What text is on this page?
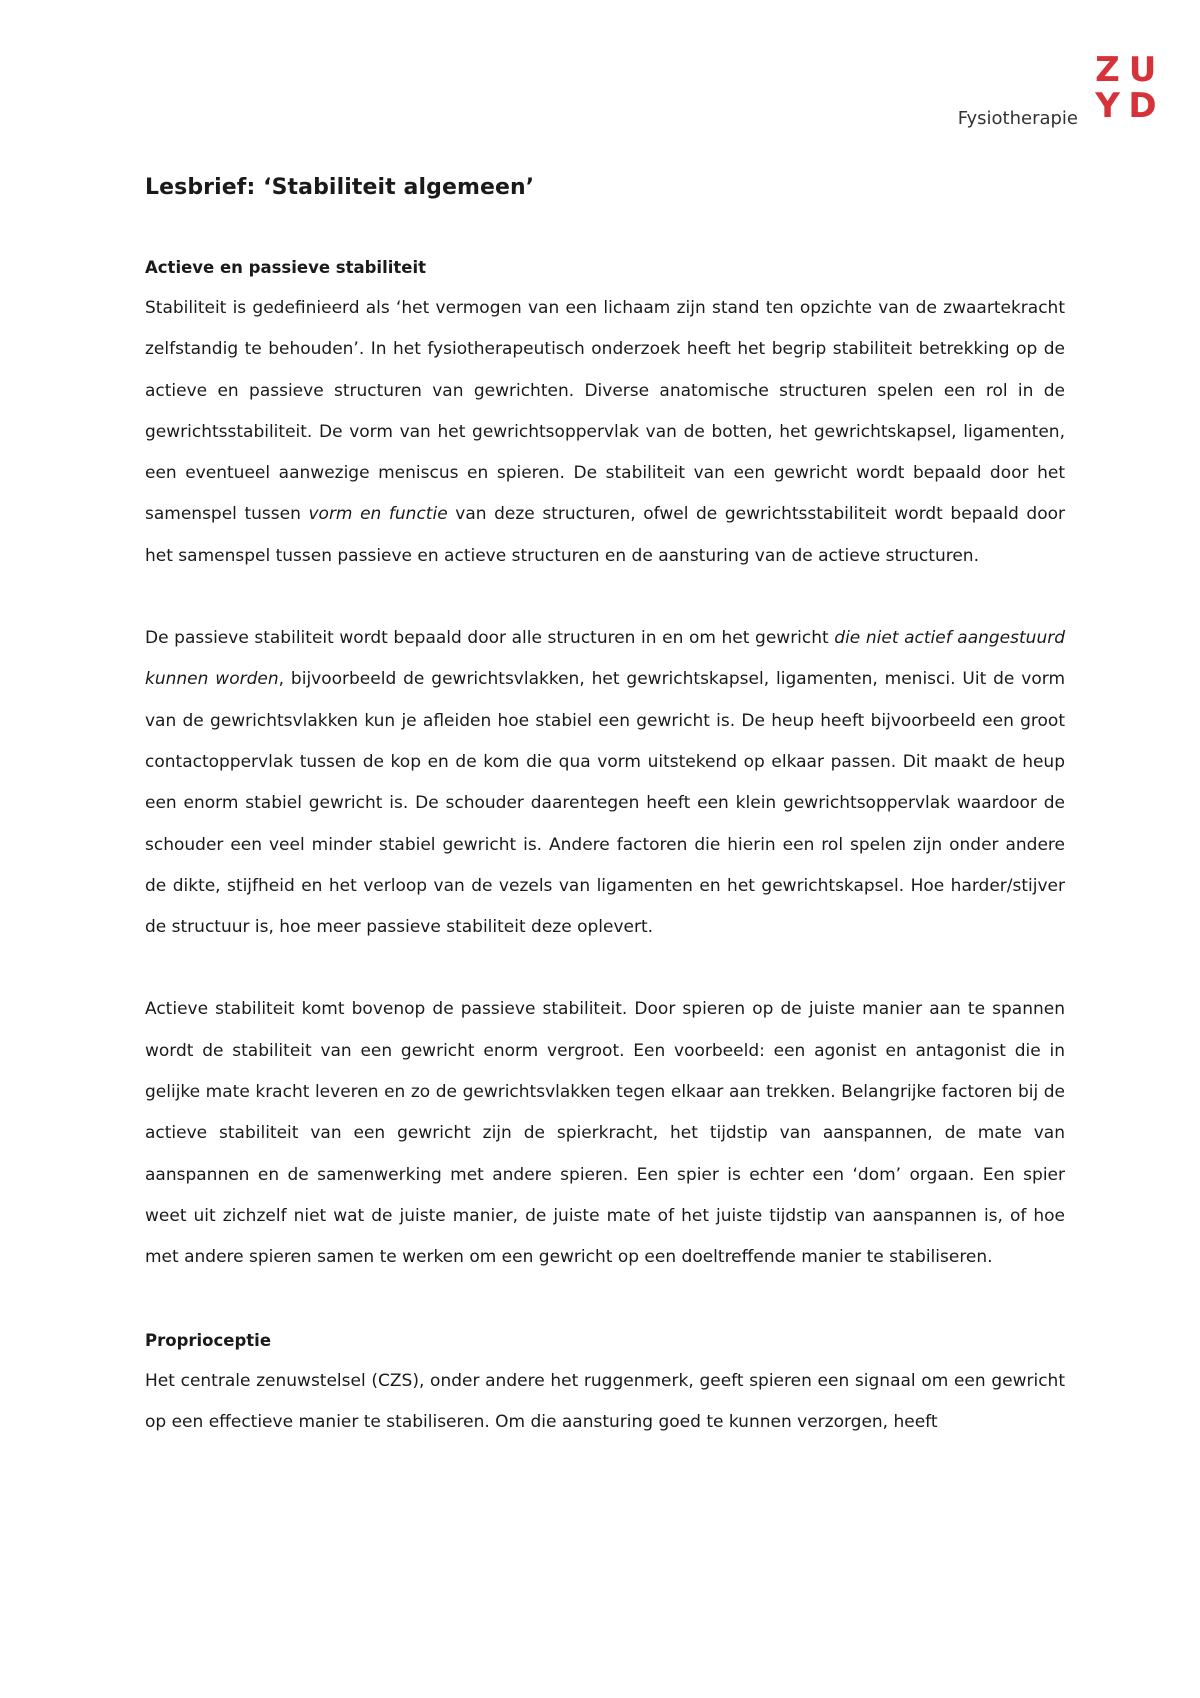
Fysiotherapie
Z U
Y D
Lesbrief: ‘Stabiliteit algemeen’
Actieve en passieve stabiliteit

Stabiliteit is gedefinieerd als ‘het vermogen van een lichaam zijn stand ten opzichte van de zwaartekracht zelfstandig te behouden’. In het fysiotherapeutisch onderzoek heeft het begrip stabiliteit betrekking op de actieve en passieve structuren van gewrichten. Diverse anatomische structuren spelen een rol in de gewrichtsstabiliteit. De vorm van het gewrichtsoppervlak van de botten, het gewrichtskapsel, ligamenten, een eventueel aanwezige meniscus en spieren. De stabiliteit van een gewricht wordt bepaald door het samenspel tussen vorm en functie van deze structuren, ofwel de gewrichtsstabiliteit wordt bepaald door het samenspel tussen passieve en actieve structuren en de aansturing van de actieve structuren.

De passieve stabiliteit wordt bepaald door alle structuren in en om het gewricht die niet actief aangestuurd kunnen worden, bijvoorbeeld de gewrichtsvlakken, het gewrichtskapsel, ligamenten, menisci. Uit de vorm van de gewrichtsvlakken kun je afleiden hoe stabiel een gewricht is. De heup heeft bijvoorbeeld een groot contactoppervlak tussen de kop en de kom die qua vorm uitstekend op elkaar passen. Dit maakt de heup een enorm stabiel gewricht is. De schouder daarentegen heeft een klein gewrichtsoppervlak waardoor de schouder een veel minder stabiel gewricht is. Andere factoren die hierin een rol spelen zijn onder andere de dikte, stijfheid en het verloop van de vezels van ligamenten en het gewrichtskapsel. Hoe harder/stijver de structuur is, hoe meer passieve stabiliteit deze oplevert.

Actieve stabiliteit komt bovenop de passieve stabiliteit. Door spieren op de juiste manier aan te spannen wordt de stabiliteit van een gewricht enorm vergroot. Een voorbeeld: een agonist en antagonist die in gelijke mate kracht leveren en zo de gewrichtsvlakken tegen elkaar aan trekken. Belangrijke factoren bij de actieve stabiliteit van een gewricht zijn de spierkracht, het tijdstip van aanspannen, de mate van aanspannen en de samenwerking met andere spieren. Een spier is echter een ‘dom’ orgaan. Een spier weet uit zichzelf niet wat de juiste manier, de juiste mate of het juiste tijdstip van aanspannen is, of hoe met andere spieren samen te werken om een gewricht op een doeltreffende manier te stabiliseren.

Proprioceptie

Het centrale zenuwstelsel (CZS), onder andere het ruggenmerk, geeft spieren een signaal om een gewricht op een effectieve manier te stabiliseren. Om die aansturing goed te kunnen verzorgen, heeft
